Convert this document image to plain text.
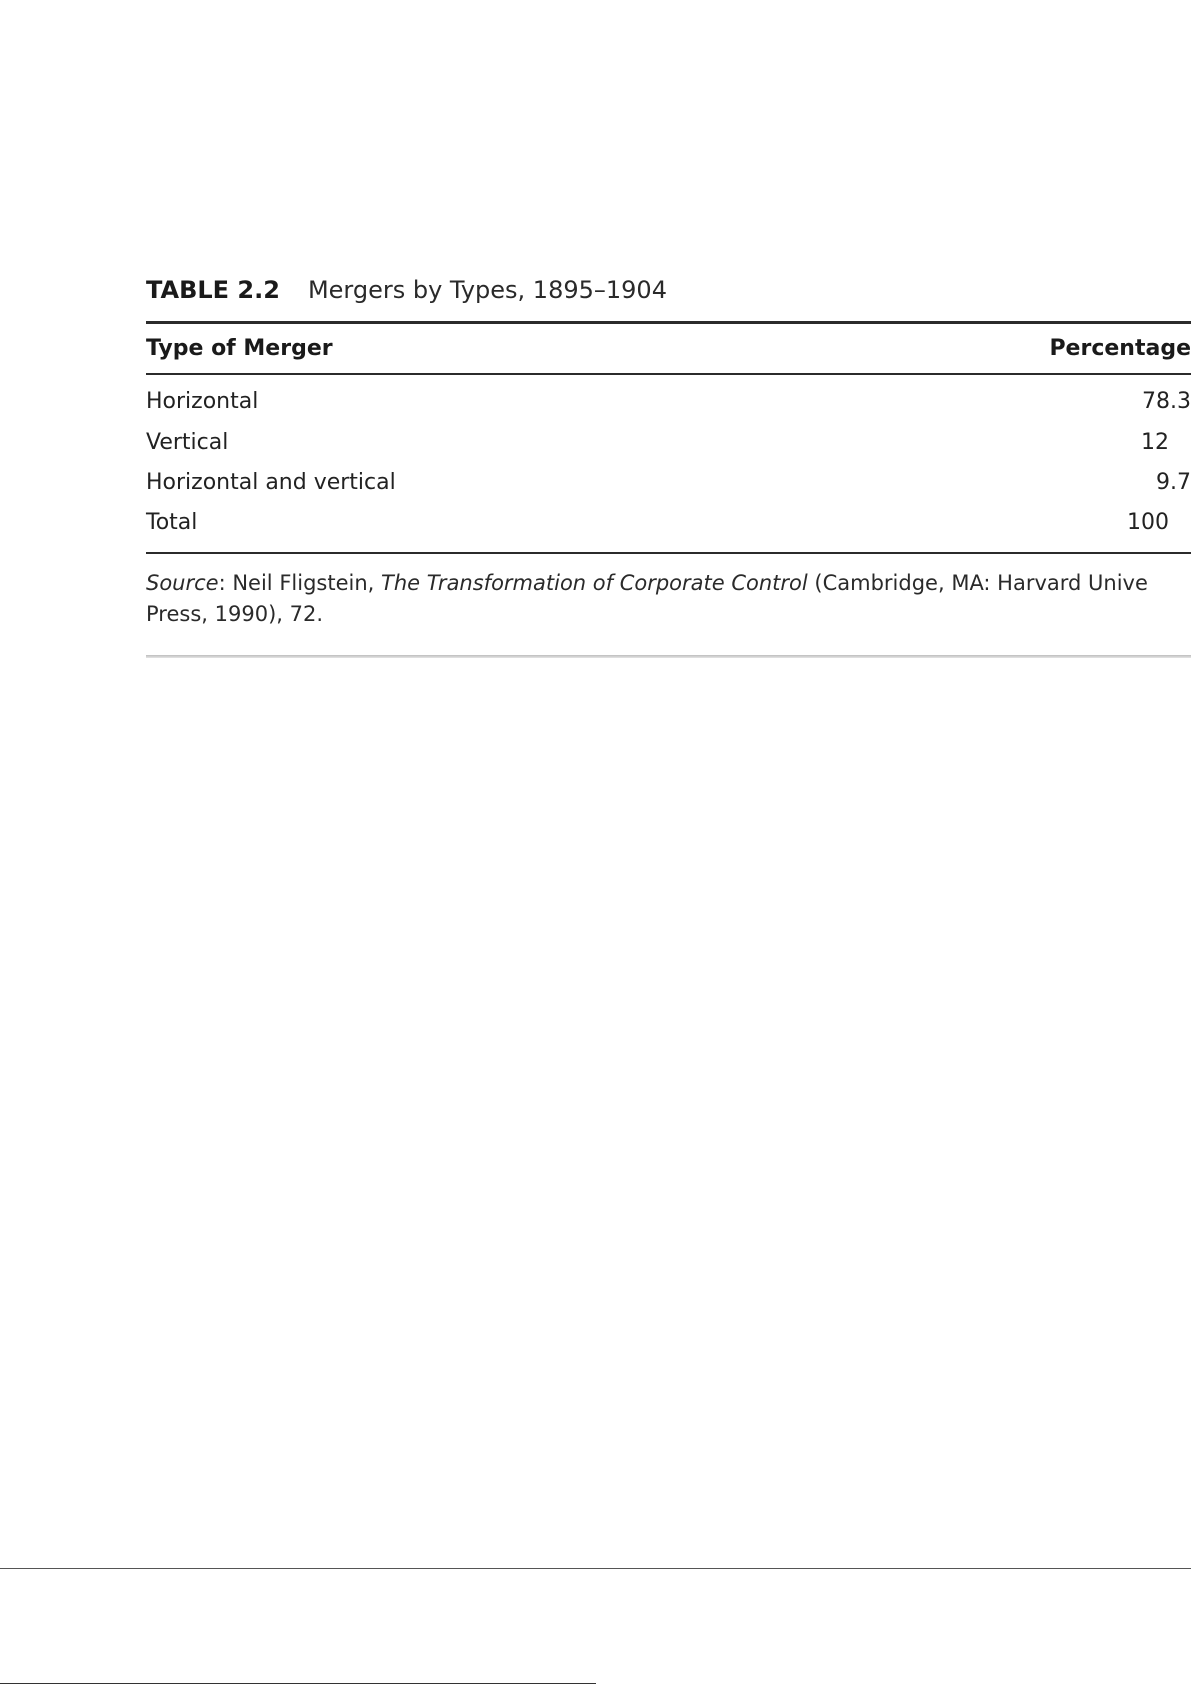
TABLE 2.2 Mergers by Types, 1895–1904
Type of Merger	Percentage
Horizontal	78.3
Vertical	12
Horizontal and vertical	9.7
Total	100
Source: Neil Fligstein, The Transformation of Corporate Control (Cambridge, MA: Harvard Unive
Press, 1990), 72.
